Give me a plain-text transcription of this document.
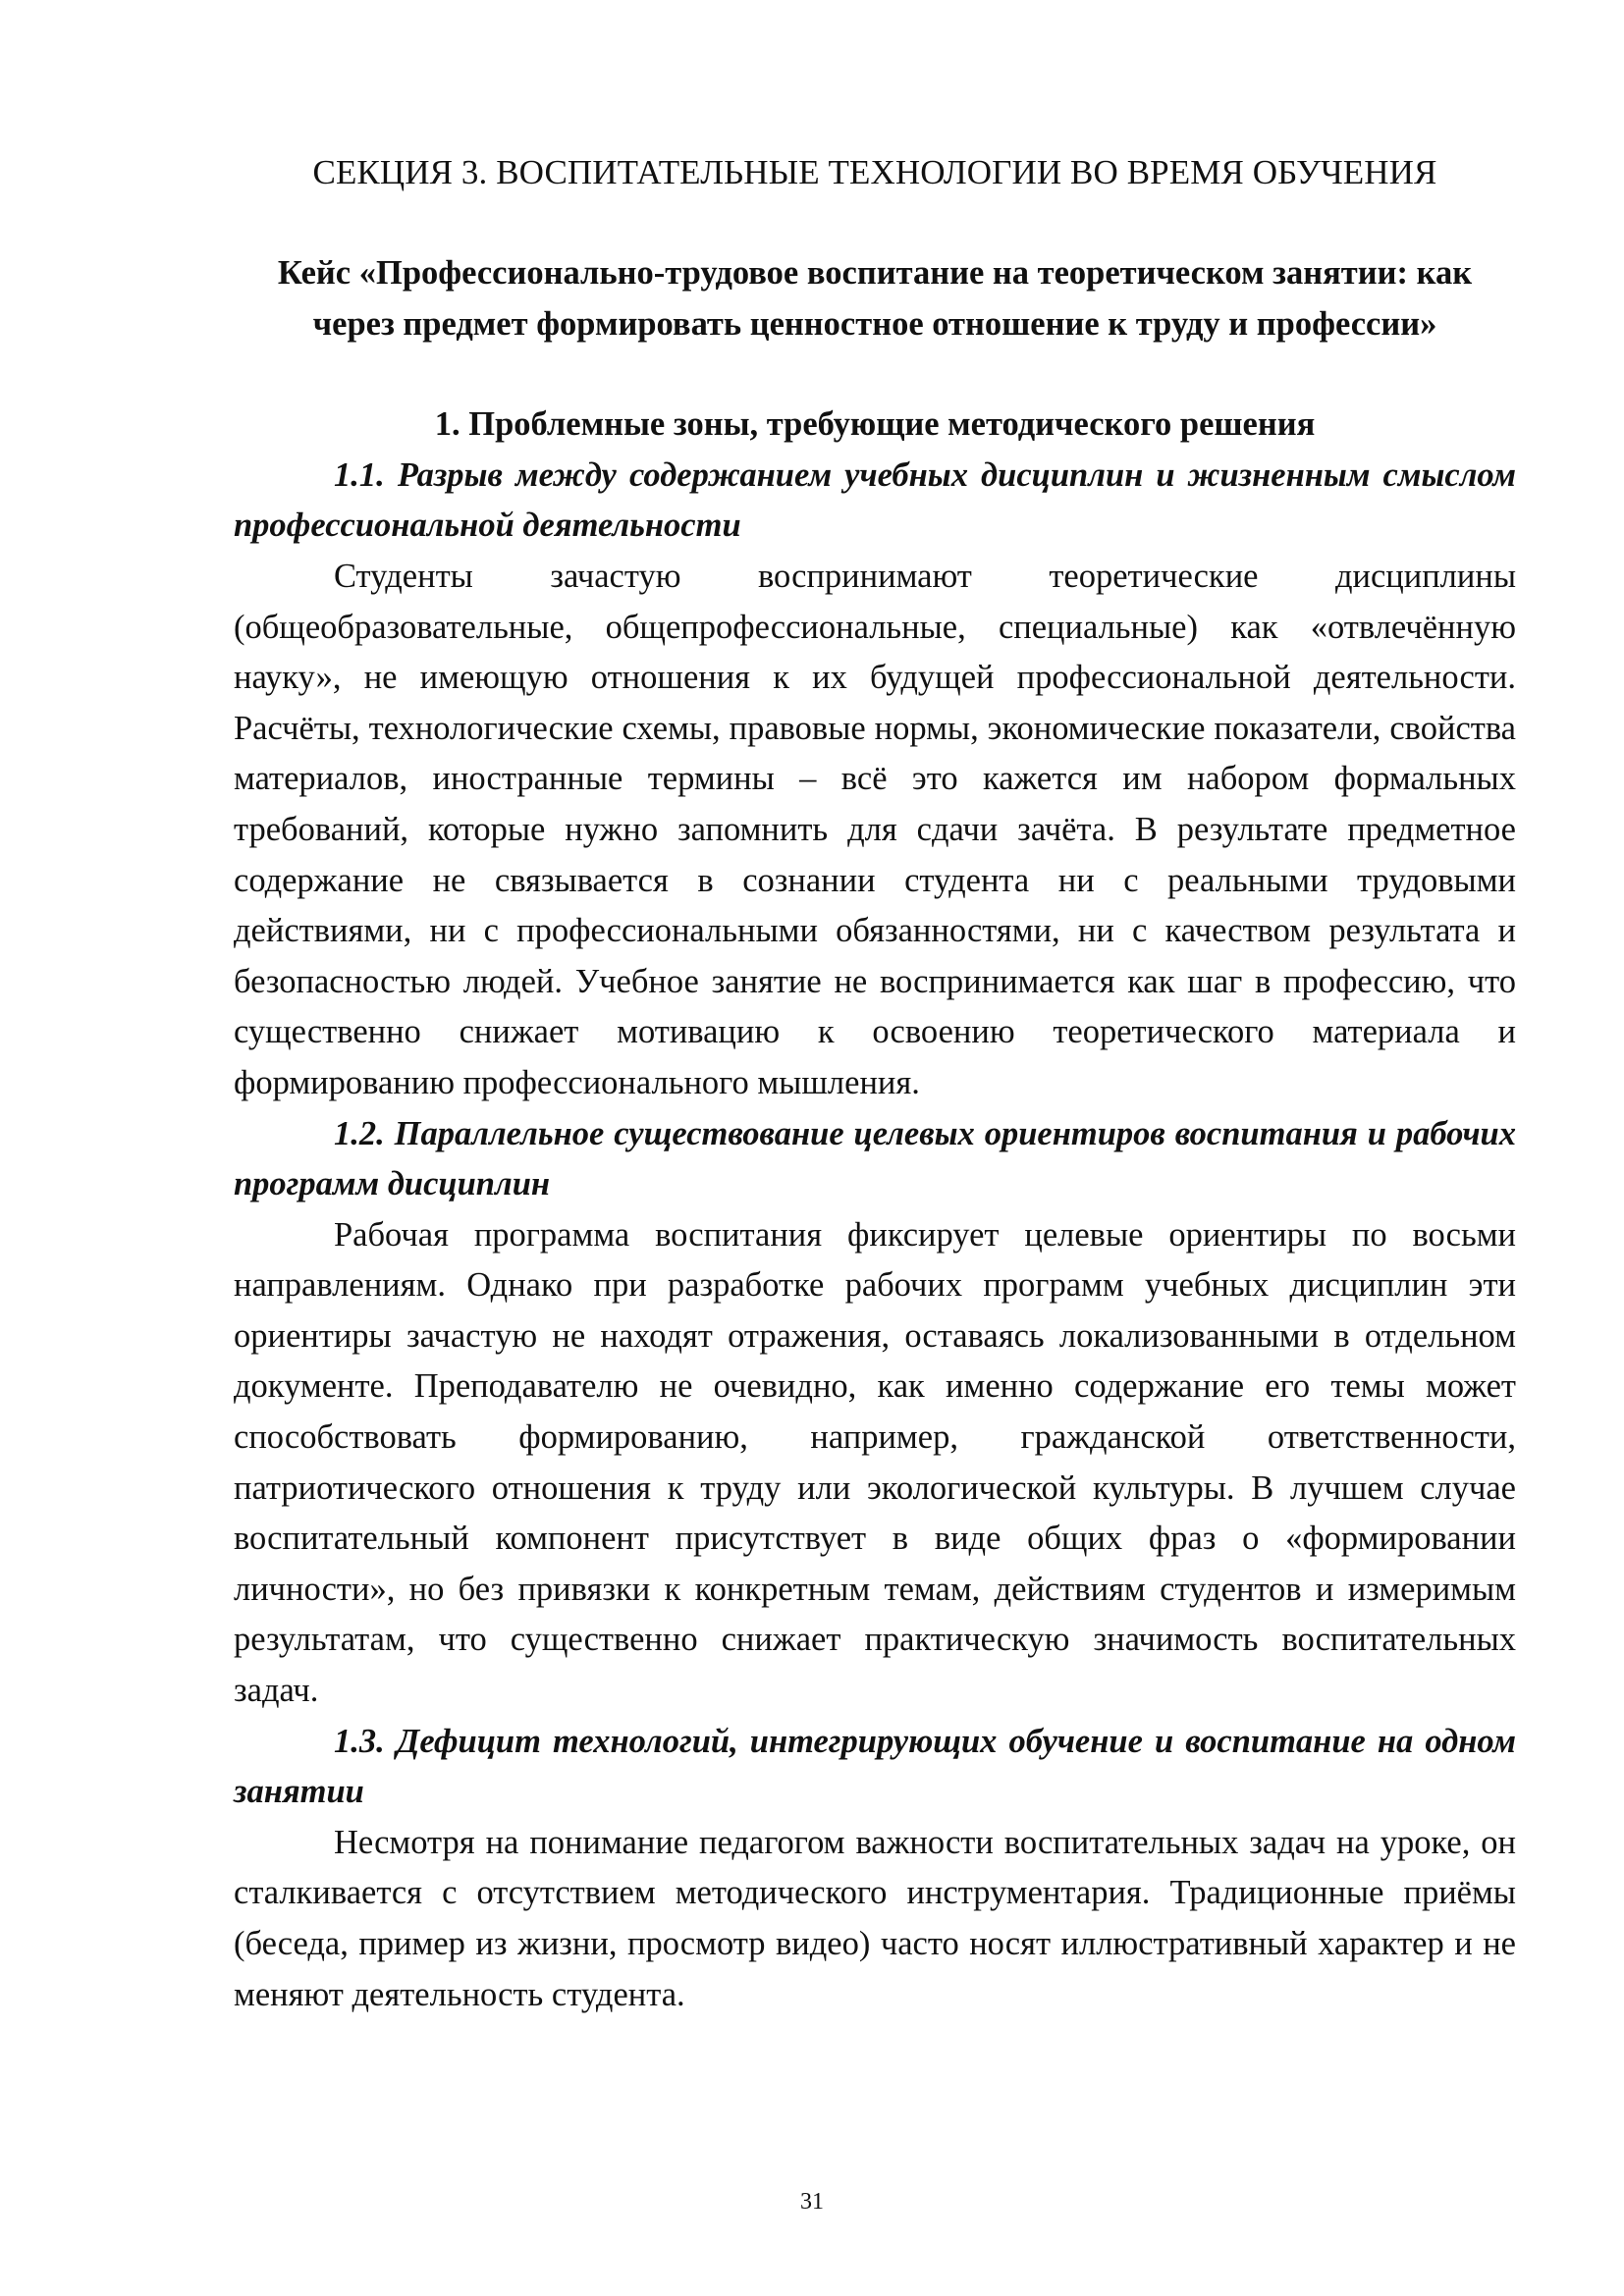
СЕКЦИЯ 3. ВОСПИТАТЕЛЬНЫЕ ТЕХНОЛОГИИ ВО ВРЕМЯ ОБУЧЕНИЯ

Кейс «Профессионально-трудовое воспитание на теоретическом занятии: как через предмет формировать ценностное отношение к труду и профессии»

1. Проблемные зоны, требующие методического решения

1.1. Разрыв между содержанием учебных дисциплин и жизненным смыслом профессиональной деятельности

Студенты зачастую воспринимают теоретические дисциплины (общеобразовательные, общепрофессиональные, специальные) как «отвлечённую науку», не имеющую отношения к их будущей профессиональной деятельности. Расчёты, технологические схемы, правовые нормы, экономические показатели, свойства материалов, иностранные термины – всё это кажется им набором формальных требований, которые нужно запомнить для сдачи зачёта. В результате предметное содержание не связывается в сознании студента ни с реальными трудовыми действиями, ни с профессиональными обязанностями, ни с качеством результата и безопасностью людей. Учебное занятие не воспринимается как шаг в профессию, что существенно снижает мотивацию к освоению теоретического материала и формированию профессионального мышления.

1.2. Параллельное существование целевых ориентиров воспитания и рабочих программ дисциплин

Рабочая программа воспитания фиксирует целевые ориентиры по восьми направлениям. Однако при разработке рабочих программ учебных дисциплин эти ориентиры зачастую не находят отражения, оставаясь локализованными в отдельном документе. Преподавателю не очевидно, как именно содержание его темы может способствовать формированию, например, гражданской ответственности, патриотического отношения к труду или экологической культуры. В лучшем случае воспитательный компонент присутствует в виде общих фраз о «формировании личности», но без привязки к конкретным темам, действиям студентов и измеримым результатам, что существенно снижает практическую значимость воспитательных задач.

1.3. Дефицит технологий, интегрирующих обучение и воспитание на одном занятии

Несмотря на понимание педагогом важности воспитательных задач на уроке, он сталкивается с отсутствием методического инструментария. Традиционные приёмы (беседа, пример из жизни, просмотр видео) часто носят иллюстративный характер и не меняют деятельность студента.

31
